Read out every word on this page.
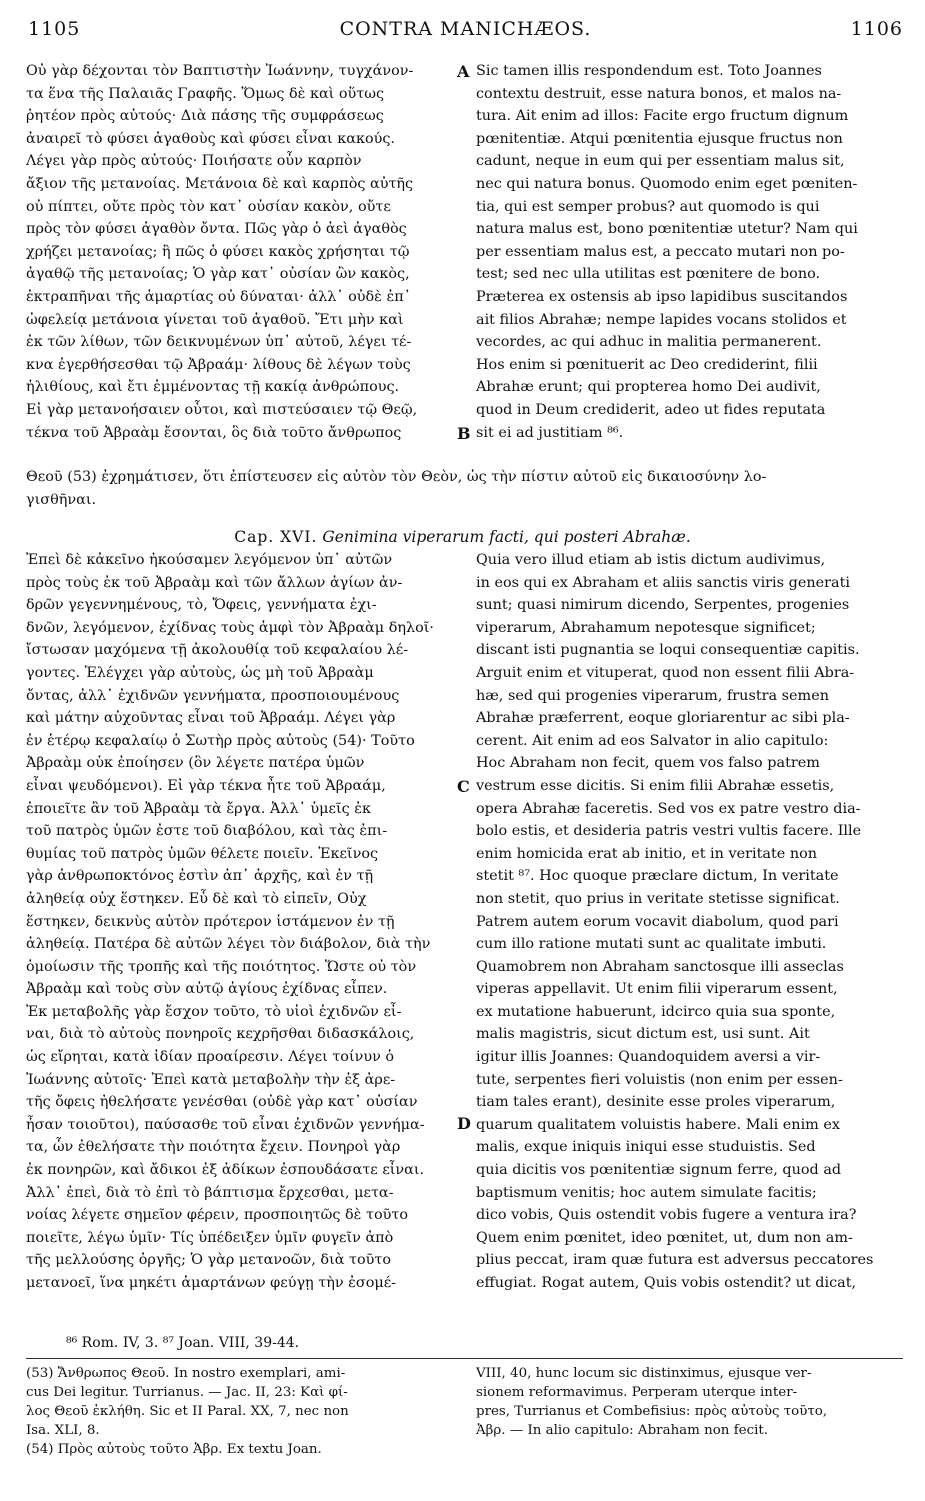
1105	CONTRA MANICHÆOS.	1106
Οὐ γὰρ δέχονται τὸν Βαπτιστὴν Ἰωάννην, τυγχάνον-
τα ἕνα τῆς Παλαιᾶς Γραφῆς. Ὅμως δὲ καὶ οὕτως
ῥητέον πρὸς αὐτούς· Διὰ πάσης τῆς συμφράσεως
ἀναιρεῖ τὸ φύσει ἀγαθοὺς καὶ φύσει εἶναι κακούς.
Λέγει γὰρ πρὸς αὐτούς· Ποιήσατε οὖν καρπὸν
ἄξιον τῆς μετανοίας. Μετάνοια δὲ καὶ καρπὸς αὐτῆς
οὐ πίπτει, οὔτε πρὸς τὸν κατ᾽ οὐσίαν κακὸν, οὔτε
πρὸς τὸν φύσει ἀγαθὸν ὄντα. Πῶς γὰρ ὁ ἀεὶ ἀγαθὸς
χρήζει μετανοίας; ἢ πῶς ὁ φύσει κακὸς χρήσηται τῷ
ἀγαθῷ τῆς μετανοίας; Ὁ γὰρ κατ᾽ οὐσίαν ὢν κακὸς,
ἐκτραπῆναι τῆς ἁμαρτίας οὐ δύναται· ἀλλ᾽ οὐδὲ ἐπ᾽
ὠφελείᾳ μετάνοια γίνεται τοῦ ἀγαθοῦ. Ἔτι μὴν καὶ
ἐκ τῶν λίθων, τῶν δεικνυμένων ὑπ᾽ αὐτοῦ, λέγει τέ-
κνα ἐγερθήσεσθαι τῷ Ἀβραάμ· λίθους δὲ λέγων τοὺς
ἠλιθίους, καὶ ἔτι ἐμμένοντας τῇ κακίᾳ ἀνθρώπους.
Εἰ γὰρ μετανοήσαιεν οὗτοι, καὶ πιστεύσαιεν τῷ Θεῷ,
τέκνα τοῦ Ἀβραὰμ ἔσονται, ὃς διὰ τοῦτο ἄνθρωπος
A
B
Sic tamen illis respondendum est. Toto Joannes
contextu destruit, esse natura bonos, et malos na-
tura. Ait enim ad illos: Facite ergo fructum dignum
pœnitentiæ. Atqui pœnitentia ejusque fructus non
cadunt, neque in eum qui per essentiam malus sit,
nec qui natura bonus. Quomodo enim eget pœniten-
tia, qui est semper probus? aut quomodo is qui
natura malus est, bono pœnitentiæ utetur? Nam qui
per essentiam malus est, a peccato mutari non po-
test; sed nec ulla utilitas est pœnitere de bono.
Præterea ex ostensis ab ipso lapidibus suscitandos
ait filios Abrahæ; nempe lapides vocans stolidos et
vecordes, ac qui adhuc in malitia permanerent.
Hos enim si pœnituerit ac Deo crediderint, filii
Abrahæ erunt; qui propterea homo Dei audivit,
quod in Deum crediderit, adeo ut fides reputata
sit ei ad justitiam ⁸⁶.
Θεοῦ (53) ἐχρημάτισεν, ὅτι ἐπίστευσεν εἰς αὐτὸν τὸν Θεὸν, ὡς τὴν πίστιν αὐτοῦ εἰς δικαιοσύνην λο-
γισθῆναι.
Cap. XVI. Genimina viperarum facti, qui posteri Abrahæ.
Ἐπεὶ δὲ κἀκεῖνο ἠκούσαμεν λεγόμενον ὑπ᾽ αὐτῶν
πρὸς τοὺς ἐκ τοῦ Ἀβραὰμ καὶ τῶν ἄλλων ἁγίων ἀν-
δρῶν γεγεννημένους, τὸ, Ὄφεις, γεννήματα ἐχι-
δνῶν, λεγόμενον, ἐχίδνας τοὺς ἀμφὶ τὸν Ἀβραὰμ δηλοῖ·
ἴστωσαν μαχόμενα τῇ ἀκολουθίᾳ τοῦ κεφαλαίου λέ-
γοντες. Ἐλέγχει γὰρ αὐτοὺς, ὡς μὴ τοῦ Ἀβραὰμ
ὄντας, ἀλλ᾽ ἐχιδνῶν γεννήματα, προσποιουμένους
καὶ μάτην αὐχοῦντας εἶναι τοῦ Ἀβραάμ. Λέγει γὰρ
ἐν ἑτέρῳ κεφαλαίῳ ὁ Σωτὴρ πρὸς αὐτοὺς (54)· Τοῦτο
Ἀβραὰμ οὐκ ἐποίησεν (ὃν λέγετε πατέρα ὑμῶν
εἶναι ψευδόμενοι). Εἰ γὰρ τέκνα ἦτε τοῦ Ἀβραάμ,
ἐποιεῖτε ἂν τοῦ Ἀβραὰμ τὰ ἔργα. Ἀλλ᾽ ὑμεῖς ἐκ
τοῦ πατρὸς ὑμῶν ἐστε τοῦ διαβόλου, καὶ τὰς ἐπι-
θυμίας τοῦ πατρὸς ὑμῶν θέλετε ποιεῖν. Ἐκεῖνος
γὰρ ἀνθρωποκτόνος ἐστὶν ἀπ᾽ ἀρχῆς, καὶ ἐν τῇ
ἀληθείᾳ οὐχ ἕστηκεν. Εὖ δὲ καὶ τὸ εἰπεῖν, Οὐχ
ἕστηκεν, δεικνὺς αὐτὸν πρότερον ἱστάμενον ἐν τῇ
ἀληθείᾳ. Πατέρα δὲ αὐτῶν λέγει τὸν διάβολον, διὰ τὴν
ὁμοίωσιν τῆς τροπῆς καὶ τῆς ποιότητος. Ὥστε οὐ τὸν
Ἀβραὰμ καὶ τοὺς σὺν αὐτῷ ἁγίους ἐχίδνας εἶπεν.
Ἐκ μεταβολῆς γὰρ ἔσχον τοῦτο, τὸ υἱοὶ ἐχιδνῶν εἶ-
ναι, διὰ τὸ αὐτοὺς πονηροῖς κεχρῆσθαι διδασκάλοις,
ὡς εἴρηται, κατὰ ἰδίαν προαίρεσιν. Λέγει τοίνυν ὁ
Ἰωάννης αὐτοῖς· Ἐπεὶ κατὰ μεταβολὴν τὴν ἐξ ἀρε-
τῆς ὄφεις ἠθελήσατε γενέσθαι (οὐδὲ γὰρ κατ᾽ οὐσίαν
ἦσαν τοιοῦτοι), παύσασθε τοῦ εἶναι ἐχιδνῶν γεννήμα-
τα, ὧν ἐθελήσατε τὴν ποιότητα ἔχειν. Πονηροὶ γὰρ
ἐκ πονηρῶν, καὶ ἄδικοι ἐξ ἀδίκων ἐσπουδάσατε εἶναι.
Ἀλλ᾽ ἐπεὶ, διὰ τὸ ἐπὶ τὸ βάπτισμα ἔρχεσθαι, μετα-
νοίας λέγετε σημεῖον φέρειν, προσποιητῶς δὲ τοῦτο
ποιεῖτε, λέγω ὑμῖν· Τίς ὑπέδειξεν ὑμῖν φυγεῖν ἀπὸ
τῆς μελλούσης ὀργῆς; Ὁ γὰρ μετανοῶν, διὰ τοῦτο
μετανοεῖ, ἵνα μηκέτι ἁμαρτάνων φεύγῃ τὴν ἐσομέ-
C
D
Quia vero illud etiam ab istis dictum audivimus,
in eos qui ex Abraham et aliis sanctis viris generati
sunt; quasi nimirum dicendo, Serpentes, progenies
viperarum, Abrahamum nepotesque significet;
discant isti pugnantia se loqui consequentiæ capitis.
Arguit enim et vituperat, quod non essent filii Abra-
hæ, sed qui progenies viperarum, frustra semen
Abrahæ præferrent, eoque gloriarentur ac sibi pla-
cerent. Ait enim ad eos Salvator in alio capitulo:
Hoc Abraham non fecit, quem vos falso patrem
vestrum esse dicitis. Si enim filii Abrahæ essetis,
opera Abrahæ faceretis. Sed vos ex patre vestro dia-
bolo estis, et desideria patris vestri vultis facere. Ille
enim homicida erat ab initio, et in veritate non
stetit ⁸⁷. Hoc quoque præclare dictum, In veritate
non stetit, quo prius in veritate stetisse significat.
Patrem autem eorum vocavit diabolum, quod pari
cum illo ratione mutati sunt ac qualitate imbuti.
Quamobrem non Abraham sanctosque illi asseclas
viperas appellavit. Ut enim filii viperarum essent,
ex mutatione habuerunt, idcirco quia sua sponte,
malis magistris, sicut dictum est, usi sunt. Ait
igitur illis Joannes: Quandoquidem aversi a vir-
tute, serpentes fieri voluistis (non enim per essen-
tiam tales erant), desinite esse proles viperarum,
quarum qualitatem voluistis habere. Mali enim ex
malis, exque iniquis iniqui esse studuistis. Sed
quia dicitis vos pœnitentiæ signum ferre, quod ad
baptismum venitis; hoc autem simulate facitis;
dico vobis, Quis ostendit vobis fugere a ventura ira?
Quem enim pœnitet, ideo pœnitet, ut, dum non am-
plius peccat, iram quæ futura est adversus peccatores
effugiat. Rogat autem, Quis vobis ostendit? ut dicat,
⁸⁶ Rom. IV, 3. ⁸⁷ Joan. VIII, 39-44.
(53) Ἄνθρωπος Θεοῦ. In nostro exemplari, ami-
cus Dei legitur. Turrianus. — Jac. II, 23: Καὶ φί-
λος Θεοῦ ἐκλήθη. Sic et II Paral. XX, 7, nec non
Isa. XLI, 8.
(54) Πρὸς αὐτοὺς τοῦτο Ἀβρ. Ex textu Joan.
VIII, 40, hunc locum sic distinximus, ejusque ver-
sionem reformavimus. Perperam uterque inter-
pres, Turrianus et Combefisius: πρὸς αὐτοὺς τοῦτο,
Ἀβρ. — In alio capitulo: Abraham non fecit.
